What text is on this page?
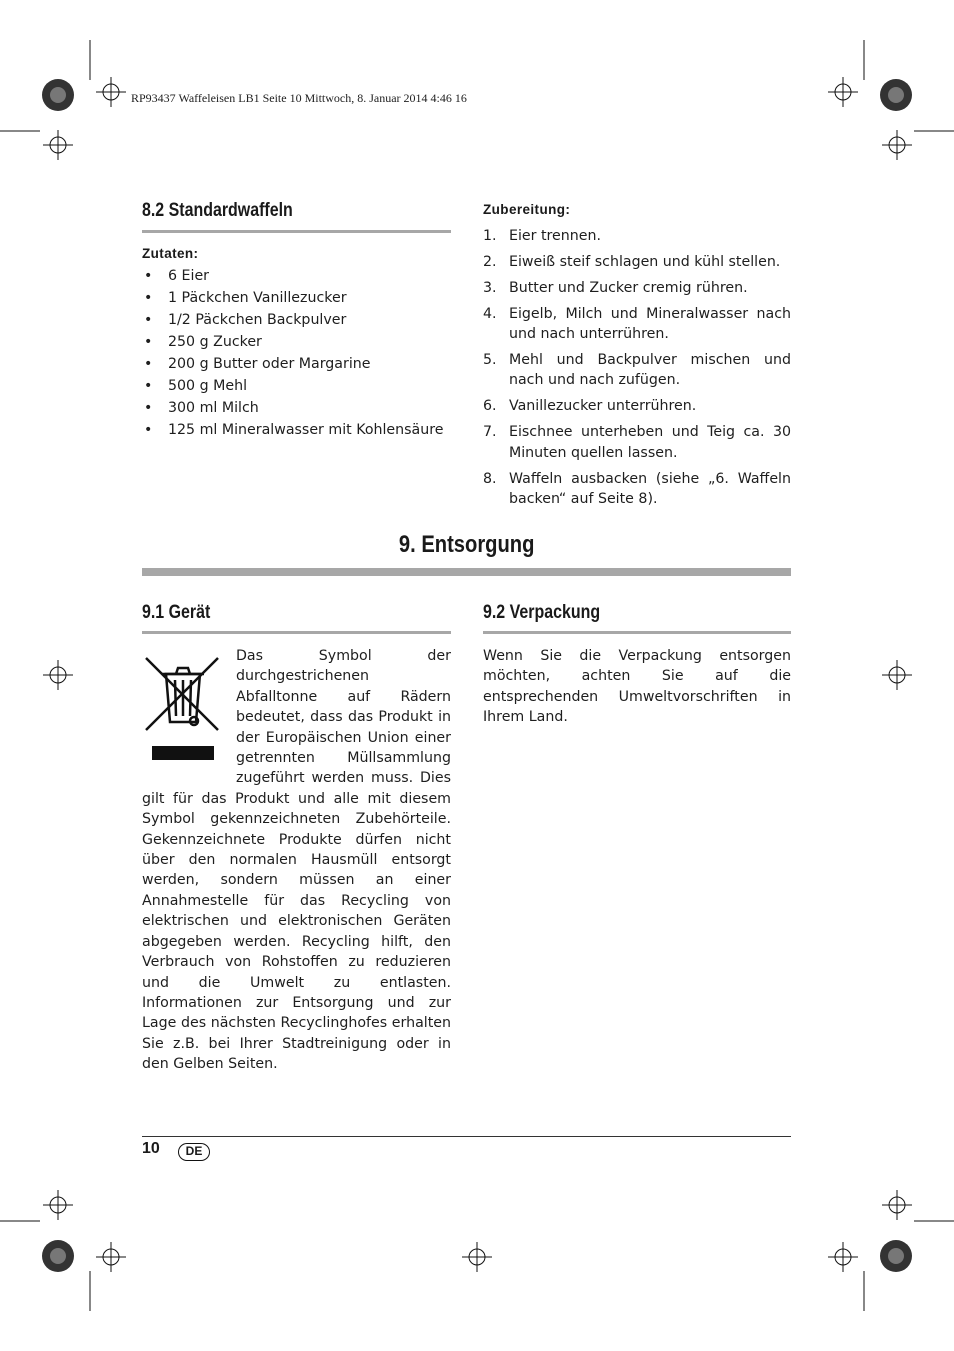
RP93437 Waffeleisen LB1 Seite 10 Mittwoch, 8. Januar 2014 4:46 16
8.2 Standardwaffeln
Zutaten:
• 6 Eier
• 1 Päckchen Vanillezucker
• 1/2 Päckchen Backpulver
• 250 g Zucker
• 200 g Butter oder Margarine
• 500 g Mehl
• 300 ml Milch
• 125 ml Mineralwasser mit Kohlensäure
Zubereitung:
1. Eier trennen.
2. Eiweiß steif schlagen und kühl stellen.
3. Butter und Zucker cremig rühren.
4. Eigelb, Milch und Mineralwasser nach und nach unterrühren.
5. Mehl und Backpulver mischen und nach und nach zufügen.
6. Vanillezucker unterrühren.
7. Eischnee unterheben und Teig ca. 30 Minuten quellen lassen.
8. Waffeln ausbacken (siehe „6. Waffeln backen“ auf Seite 8).
9. Entsorgung
9.1 Gerät	9.2 Verpackung
Das Symbol der durchgestrichenen Abfalltonne auf Rädern bedeutet, dass das Produkt in der Europäischen Union einer getrennten Müllsammlung zugeführt werden muss. Dies gilt für das Produkt und alle mit diesem Symbol gekennzeichneten Zubehörteile. Gekennzeichnete Produkte dürfen nicht über den normalen Hausmüll entsorgt werden, sondern müssen an einer Annahmestelle für das Recycling von elektrischen und elektronischen Geräten abgegeben werden. Recycling hilft, den Verbrauch von Rohstoffen zu reduzieren und die Umwelt zu entlasten. Informationen zur Entsorgung und zur Lage des nächsten Recyclinghofes erhalten Sie z.B. bei Ihrer Stadtreinigung oder in den Gelben Seiten.
Wenn Sie die Verpackung entsorgen möchten, achten Sie auf die entsprechenden Umweltvorschriften in Ihrem Land.
10	DE
